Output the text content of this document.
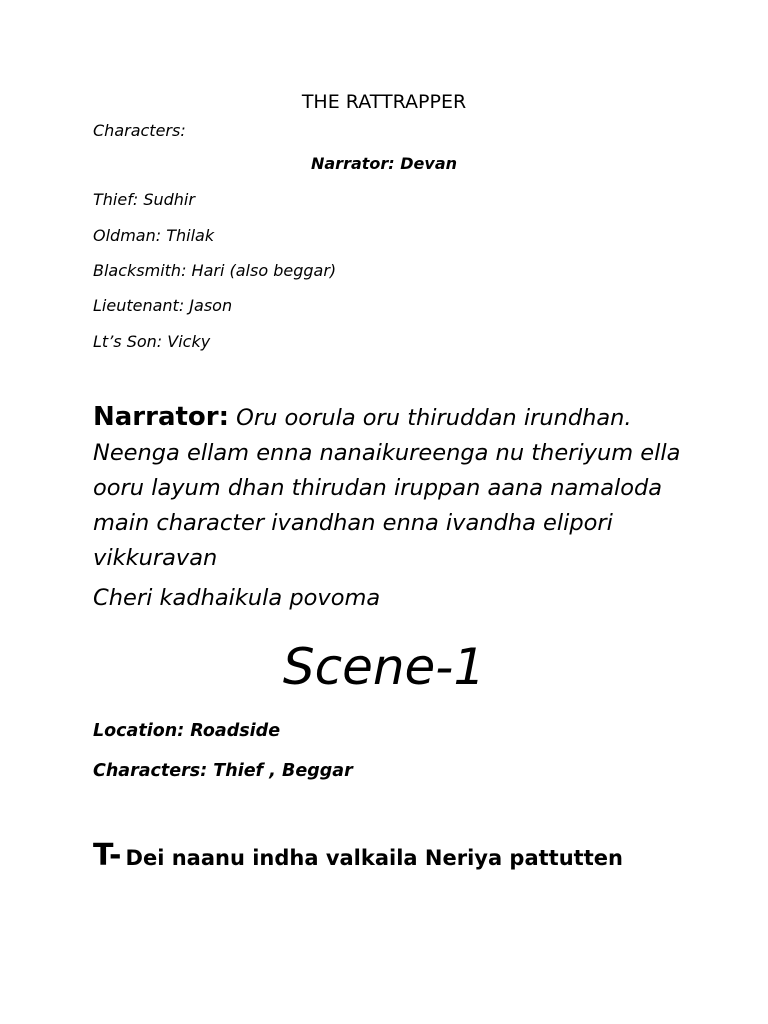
THE RATTRAPPER
Characters:
Narrator: Devan
Thief: Sudhir
Oldman: Thilak
Blacksmith: Hari (also beggar)
Lieutenant: Jason
Lt’s Son: Vicky
Narrator: Oru oorula oru thiruddan irundhan. Neenga ellam enna nanaikureenga nu theriyum ella ooru layum dhan thirudan iruppan aana namaloda main character ivandhan enna ivandha elipori vikkuravan
Cheri kadhaikula povoma
Scene-1
Location: Roadside
Characters: Thief , Beggar
T- Dei naanu indha valkaila Neriya pattutten
